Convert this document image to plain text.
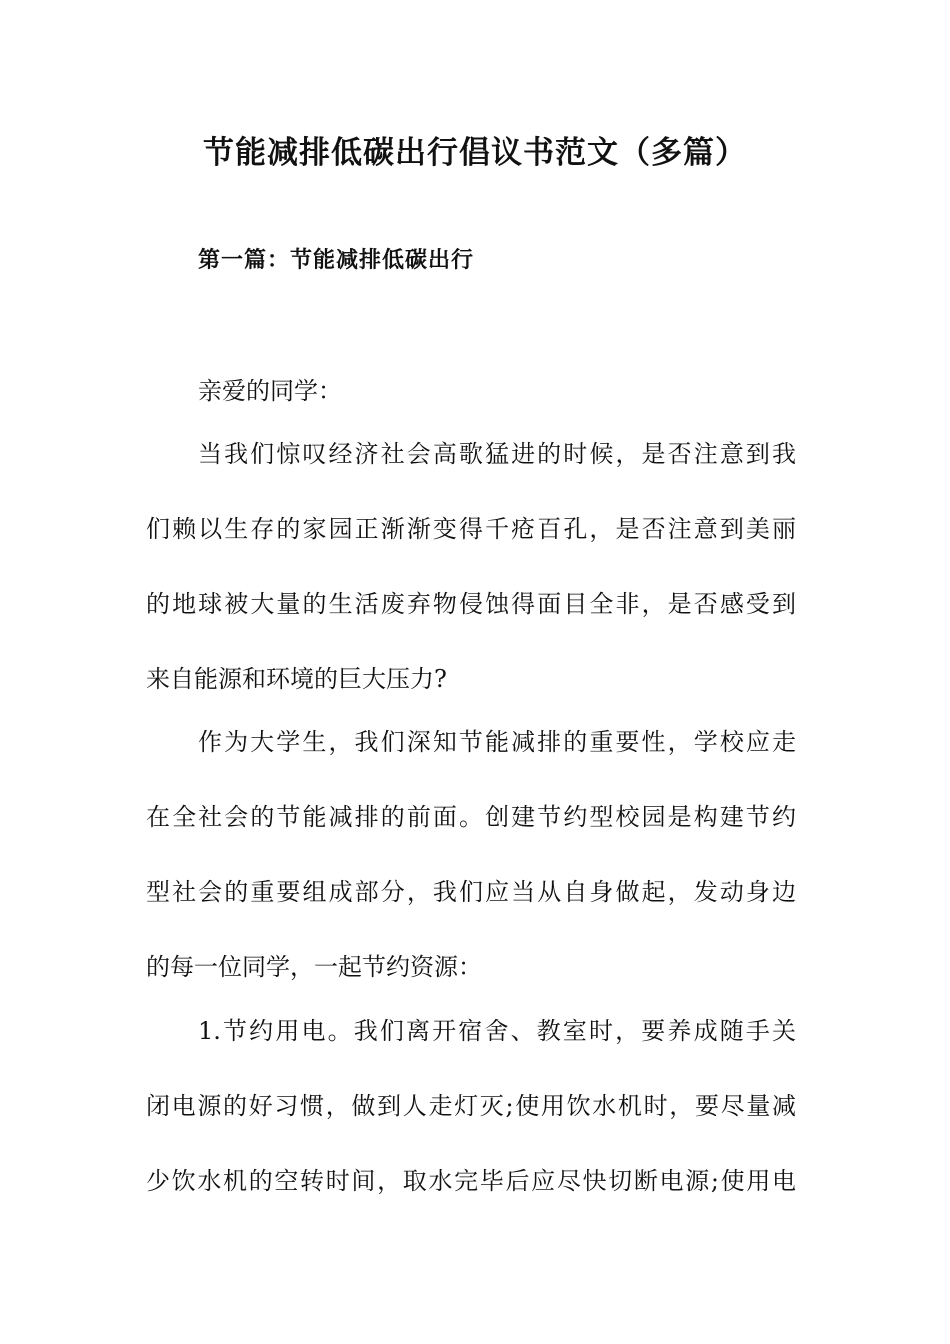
节能减排低碳出行倡议书范文（多篇）
第一篇：节能减排低碳出行

亲爱的同学：

当我们惊叹经济社会高歌猛进的时候，是否注意到我

们赖以生存的家园正渐渐变得千疮百孔，是否注意到美丽

的地球被大量的生活废弃物侵蚀得面目全非，是否感受到

来自能源和环境的巨大压力?

作为大学生，我们深知节能减排的重要性，学校应走

在全社会的节能减排的前面。创建节约型校园是构建节约

型社会的重要组成部分，我们应当从自身做起，发动身边

的每一位同学，一起节约资源：

1.节约用电。我们离开宿舍、教室时，要养成随手关

闭电源的好习惯，做到人走灯灭;使用饮水机时，要尽量减

少饮水机的空转时间，取水完毕后应尽快切断电源;使用电
